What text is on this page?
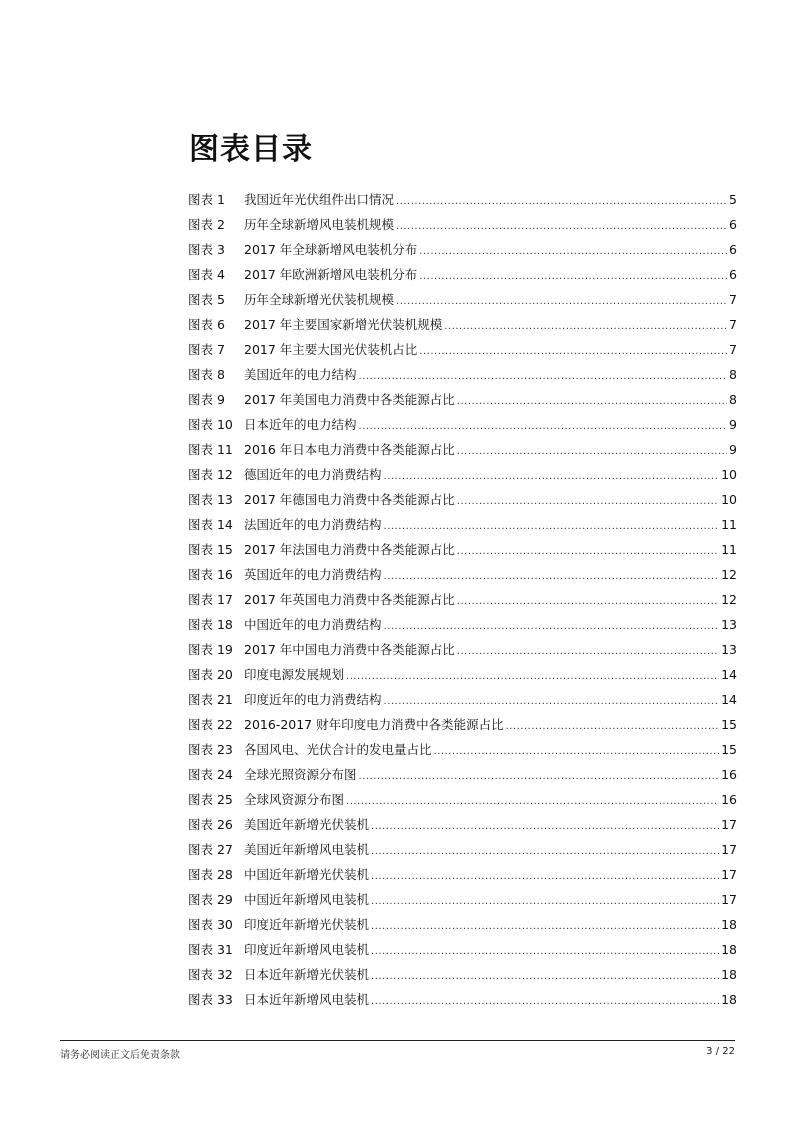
图表目录
图表 1	我国近年光伏组件出口情况 .....	5
图表 2	历年全球新增风电装机规模 .....	6
图表 3	2017 年全球新增风电装机分布 .....	6
图表 4	2017 年欧洲新增风电装机分布 .....	6
图表 5	历年全球新增光伏装机规模 .....	7
图表 6	2017 年主要国家新增光伏装机规模 .....	7
图表 7	2017 年主要大国光伏装机占比 .....	7
图表 8	美国近年的电力结构 .....	8
图表 9	2017 年美国电力消费中各类能源占比 .....	8
图表 10 日本近年的电力结构 .....	9
图表 11 2016 年日本电力消费中各类能源占比 .....	9
图表 12 德国近年的电力消费结构 .....	10
图表 13 2017 年德国电力消费中各类能源占比 .....	10
图表 14 法国近年的电力消费结构 .....	11
图表 15 2017 年法国电力消费中各类能源占比 .....	11
图表 16 英国近年的电力消费结构 .....	12
图表 17 2017 年英国电力消费中各类能源占比 .....	12
图表 18 中国近年的电力消费结构 .....	13
图表 19 2017 年中国电力消费中各类能源占比 .....	13
图表 20 印度电源发展规划 .....	14
图表 21 印度近年的电力消费结构 .....	14
图表 22 2016-2017 财年印度电力消费中各类能源占比 .....	15
图表 23 各国风电、光伏合计的发电量占比 .....	15
图表 24 全球光照资源分布图 .....	16
图表 25 全球风资源分布图 .....	16
图表 26 美国近年新增光伏装机 .....	17
图表 27 美国近年新增风电装机 .....	17
图表 28 中国近年新增光伏装机 .....	17
图表 29 中国近年新增风电装机 .....	17
图表 30 印度近年新增光伏装机 .....	18
图表 31 印度近年新增风电装机 .....	18
图表 32 日本近年新增光伏装机 .....	18
图表 33 日本近年新增风电装机 .....	18
请务必阅读正文后免责条款	3 / 22
